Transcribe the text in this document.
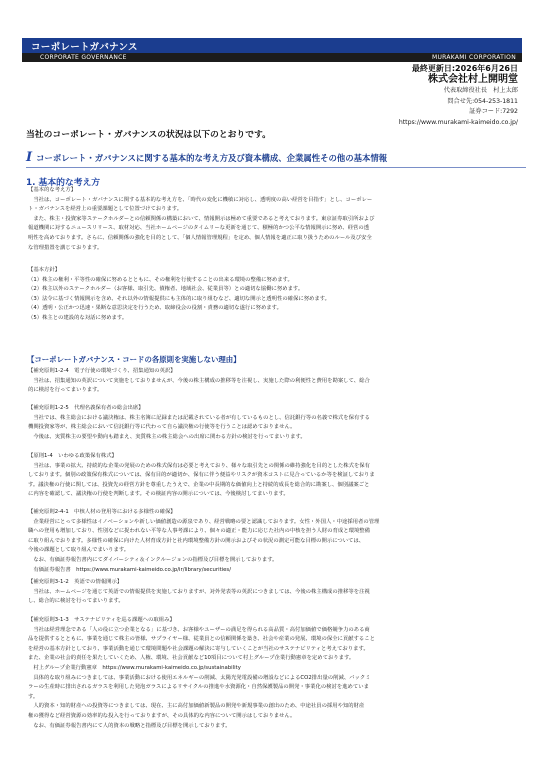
コーポレートガバナンス
CORPORATE GOVERNANCE	MURAKAMI CORPORATION
最終更新日:2026年6月26日
株式会社村上開明堂
代表取締役社長　村上太郎
問合せ先:054-253-1811
証券コード:7292
https://www.murakami-kaimeido.co.jp/
当社のコーポレート・ガバナンスの状況は以下のとおりです。
Iコーポレート・ガバナンスに関する基本的な考え方及び資本構成、企業属性その他の基本情報
1. 基本的な考え方

【基本的な考え方】

　当社は、コーポレート・ガバナンスに関する基本的な考え方を、「時代の変化に機敏に対応し、透明度の高い経営を目指す」とし、コーポレー

ト・ガバナンスを経営上の重要課題として位置づけております。

　また、株主・投資家等ステークホルダーとの信頼関係の構築において、情報開示は極めて重要であると考えております。東京証券取引所および

報道機関に対するニュースリリース、取材対応、当社ホームページのタイムリーな更新を通じて、積極的かつ公平な情報開示に努め、経営の透

明性を高めております。さらに、信頼関係の強化を目的として、「個人情報管理規程」を定め、個人情報を適正に取り扱うためのルール及び安全

な管理措置を講じております。

【基本方針】

（1）株主の権利・平等性の確保に努めるとともに、その権利を行使することの出来る環境の整備に努めます。

（2）株主以外のステークホルダー（お客様、取引先、債権者、地域社会、従業員等）との適切な協働に努めます。

（3）法令に基づく情報開示を含め、それ以外の情報提供にも主体的に取り組むなど、適切な開示と透明性の確保に努めます。

（4）透明・公正かつ迅速・果断な意思決定を行うため、取締役会の役割・責務の適切な遂行に努めます。

（5）株主との建設的な対話に努めます。

【コーポレートガバナンス・コードの各原則を実施しない理由】

【補充原則1-2-4　電子行使の環境づくり、招集通知の英訳】

　当社は、招集通知の英訳について実施をしておりませんが、今後の株主構成の推移等を注視し、実施した際の利便性と費用を勘案して、総合

的に検討を行ってまいります。

【補充原則1-2-5　代理名義保有者の総会出席】

　当社では、株主総会における議決権は、株主名簿に記録または記載されている者が有しているものとし、信託銀行等の名義で株式を保有する

機関投資家等が、株主総会において信託銀行等に代わって自ら議決権の行使等を行うことは認めておりません。

　今後は、実質株主の要望や動向も踏まえ、実質株主の株主総会への出席に関わる方針の検討を行ってまいります。

【原則1-4　いわゆる政策保有株式】

　当社は、事業の拡大、持続的な企業の発展のための株式保有は必要と考えており、様々な取引先との関係の維持強化を目的とした株式を保有

しております。個別の政策保有株式については、保有目的が適切か、保有に伴う便益やリスクが資本コストに見合っているか等を検証しておりま

す。議決権の行使に関しては、投資先の経営方針を尊重したうえで、企業の中長期的な価値向上と持続的成長を総合的に勘案し、個別議案ごと

に内容を確認して、議決権の行使を判断します。その検証内容の開示については、今後検討してまいります。

【補充原則2-4-1　中核人材の登用等における多様性の確保】

　企業経営にとって多様性はイノベーションや新しい価値創造の源泉であり、経営戦略の要と認識しております。女性・外国人・中途採用者の管理

職への登用も増加しており、性別などに捉われない平等な人事考課により、個々の適正・能力に応じた社内の中核を担う人財の育成と環境整備

に取り組んでおります。多様性の確保に向けた人材育成方針と社内環境整備方針の開示およびその状況の測定可能な目標の開示については、

今後の課題として取り組んでまいります。

　なお、有価証券報告書内にてダイバーシティ＆インクルージョンの指標及び目標を開示しております。

　有価証券報告書　https://www.murakami-kaimeido.co.jp/ir/library/securities/

【補充原則3-1-2　英語での情報開示】

　当社は、ホームページを通じて英語での情報提供を実施しておりますが、対外発表等の英訳につきましては、今後の株主構成の推移等を注視

し、総合的に検討を行ってまいります。

【補充原則3-1-3　サステナビリティを巡る課題への取組み】

　当社は経営理念である「人の役に立つ企業となる」に基づき、お客様やユーザーの満足を得られる高品質・高付加価値で価格競争力のある商

品を提供するとともに、事業を通じて株主の皆様、サプライヤー様、従業員との信頼関係を築き、社会や産業の発展、環境の保全に貢献すること

を経営の基本方針としており、事業活動を通じて環境問題や社会課題の解決に寄与していくことが当社のサステナビリティと考えております。

また、企業の社会的責任を果たしていくため、人権、環境、社会貢献など10項目について村上グループ企業行動憲章を定めております。

　村上グループ企業行動憲章　https://www.murakami-kaimeido.co.jp/sustainability

　具体的な取り組みにつきましては、事業活動における使用エネルギーの削減、太陽光発電設備の増設などによるCO2排出量の削減、バックミ

ラーの生産時に排出されるガラスを利用した発泡ガラスによるリサイクルの推進や水資源化・自然保護製品の開発・事業化の検討を進めていま

す。

　人的資本・知的財産への投資等につきましては、現在、主に高付加価値新製品の開発や新規事業の創出のため、中途社員の採用や知的財産

権の獲得など経営資源の効率的な投入を行っておりますが、その具体的な内容について開示はしておりません。

　なお、有価証券報告書内にて人的資本の戦略と指標及び目標を開示しております。
